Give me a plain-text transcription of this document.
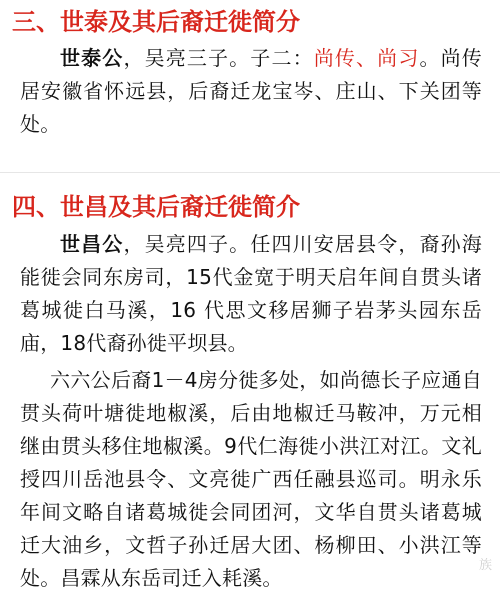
三、世泰及其后裔迁徙简分

世泰公，吴亮三子。子二：尚传、尚习。尚传居安徽省怀远县，后裔迁龙宝岑、庄山、下关团等处。

四、世昌及其后裔迁徙简介

世昌公，吴亮四子。任四川安居县令，裔孙海能徙会同东房司，15代金宽于明天启年间自贯头诸葛城徙白马溪，16 代思文移居狮子岩茅头园东岳庙，18代裔孙徙平坝县。

六六公后裔1－4房分徙多处，如尚德长子应通自贯头荷叶塘徙地椒溪，后由地椒迁马鞍冲，万元相继由贯头移住地椒溪。9代仁海徙小洪江对江。文礼授四川岳池县令、文亮徙广西任融县巡司。明永乐年间文略自诸葛城徙会同团河，文华自贯头诸葛城迁大油乡，文哲子孙迁居大团、杨柳田、小洪江等处。昌霖从东岳司迁入耗溪。

族
